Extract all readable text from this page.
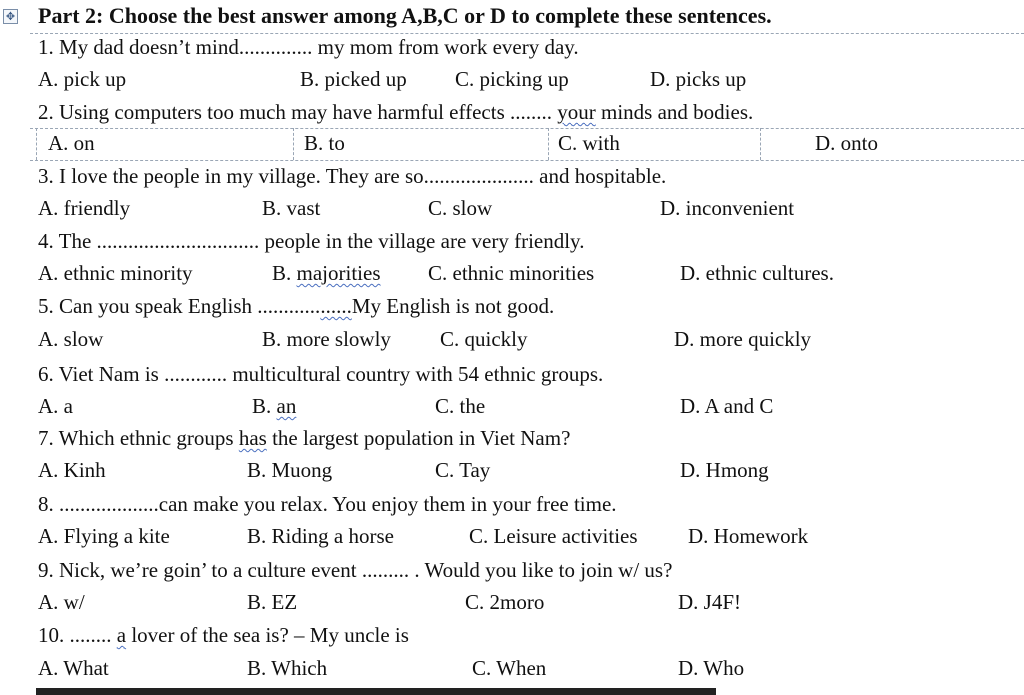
✥ Part 2: Choose the best answer among A,B,C or D to complete these sentences.
1. My dad doesn’t mind.............. my mom from work every day.
A. pick up	B. picked up C. picking up	D. picks up
2. Using computers too much may have harmful effects ........ your minds and bodies.
A. on	B. to	C. with	D. onto
3. I love the people in my village. They are so..................... and hospitable.
A. friendly	B. vast	C. slow	D. inconvenient
4. The ............................... people in the village are very friendly.
A. ethnic minority	B. majorities C. ethnic minorities	D. ethnic cultures.
5. Can you speak English ..................My English is not good.
A. slow	B. more slowly C. quickly	D. more quickly
6. Viet Nam is ............ multicultural country with 54 ethnic groups.
A. a	B. an	C. the	D. A and C
7. Which ethnic groups has the largest population in Viet Nam?
A. Kinh	B. Muong	C. Tay	D. Hmong
8. ...................can make you relax. You enjoy them in your free time.
A. Flying a kite	B. Riding a horse	C. Leisure activities D. Homework
9. Nick, we’re goin’ to a culture event ......... . Would you like to join w/ us?
A. w/	B. EZ	C. 2moro	D. J4F!
10. ........ a lover of the sea is? – My uncle is
A. What	B. Which	C. When	D. Who
